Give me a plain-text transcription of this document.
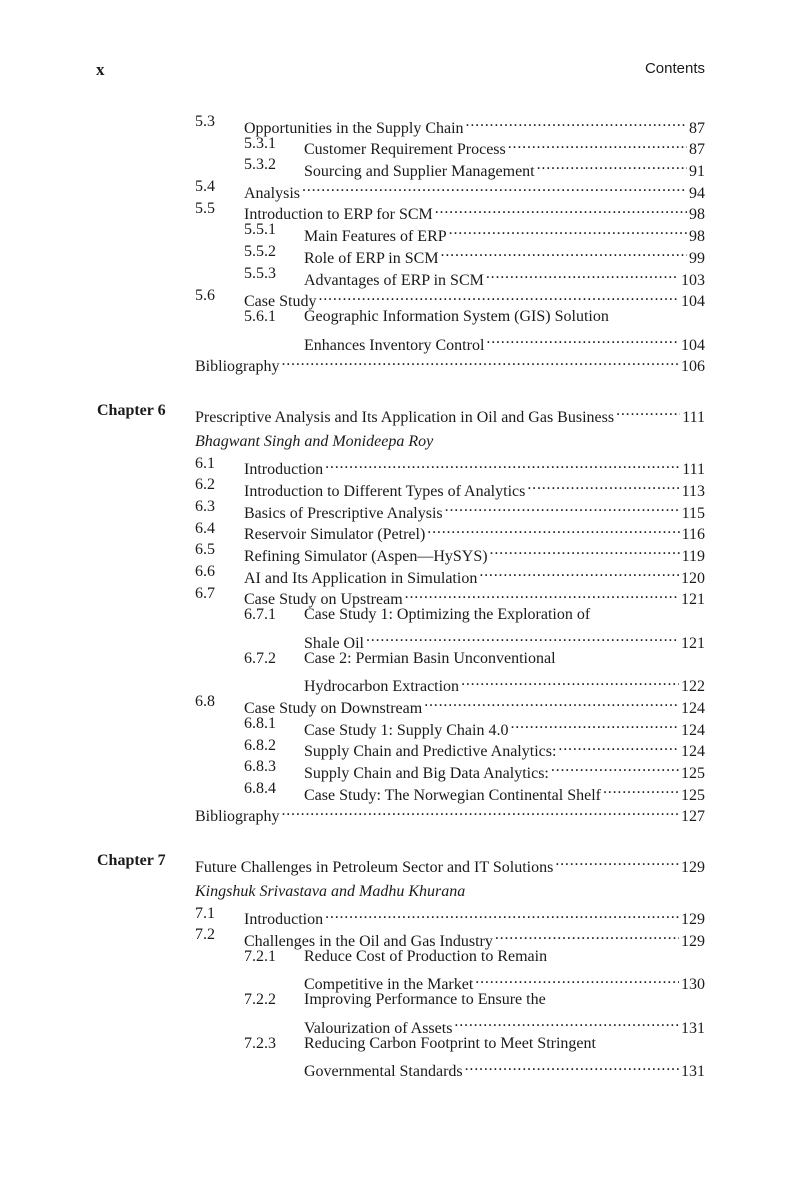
x	Contents
5.3 Opportunities in the Supply Chain . . .	87
5.3.1 Customer Requirement Process . . .	87
5.3.2 Sourcing and Supplier Management . . .	91
5.4 Analysis . . .	94
5.5 Introduction to ERP for SCM . . .	98
5.5.1 Main Features of ERP . . .	98
5.5.2 Role of ERP in SCM . . .	99
5.5.3 Advantages of ERP in SCM . . .	103
5.6 Case Study . . .	104
5.6.1 Geographic Information System (GIS) Solution
Enhances Inventory Control . . .	104
Bibliography . . .	106
Chapter 6 Prescriptive Analysis and Its Application in Oil and Gas Business . . .	111
Bhagwant Singh and Monideepa Roy
6.1 Introduction . . .	111
6.2 Introduction to Different Types of Analytics . . .	113
6.3 Basics of Prescriptive Analysis . . .	115
6.4 Reservoir Simulator (Petrel) . . .	116
6.5 Refining Simulator (Aspen—HySYS) . . .	119
6.6 AI and Its Application in Simulation . . .	120
6.7 Case Study on Upstream . . .	121
6.7.1 Case Study 1: Optimizing the Exploration of
Shale Oil . . .	121
6.7.2 Case 2: Permian Basin Unconventional
Hydrocarbon Extraction . . .	122
6.8 Case Study on Downstream . . .	124
6.8.1 Case Study 1: Supply Chain 4.0 . . .	124
6.8.2 Supply Chain and Predictive Analytics: . . .	124
6.8.3 Supply Chain and Big Data Analytics: . . .	125
6.8.4 Case Study: The Norwegian Continental Shelf . . .	125
Bibliography . . .	127
Chapter 7 Future Challenges in Petroleum Sector and IT Solutions . . .	129
Kingshuk Srivastava and Madhu Khurana
7.1 Introduction . . .	129
7.2 Challenges in the Oil and Gas Industry . . .	129
7.2.1 Reduce Cost of Production to Remain
Competitive in the Market . . .	130
7.2.2 Improving Performance to Ensure the
Valourization of Assets . . .	131
7.2.3 Reducing Carbon Footprint to Meet Stringent
Governmental Standards . . .	131
